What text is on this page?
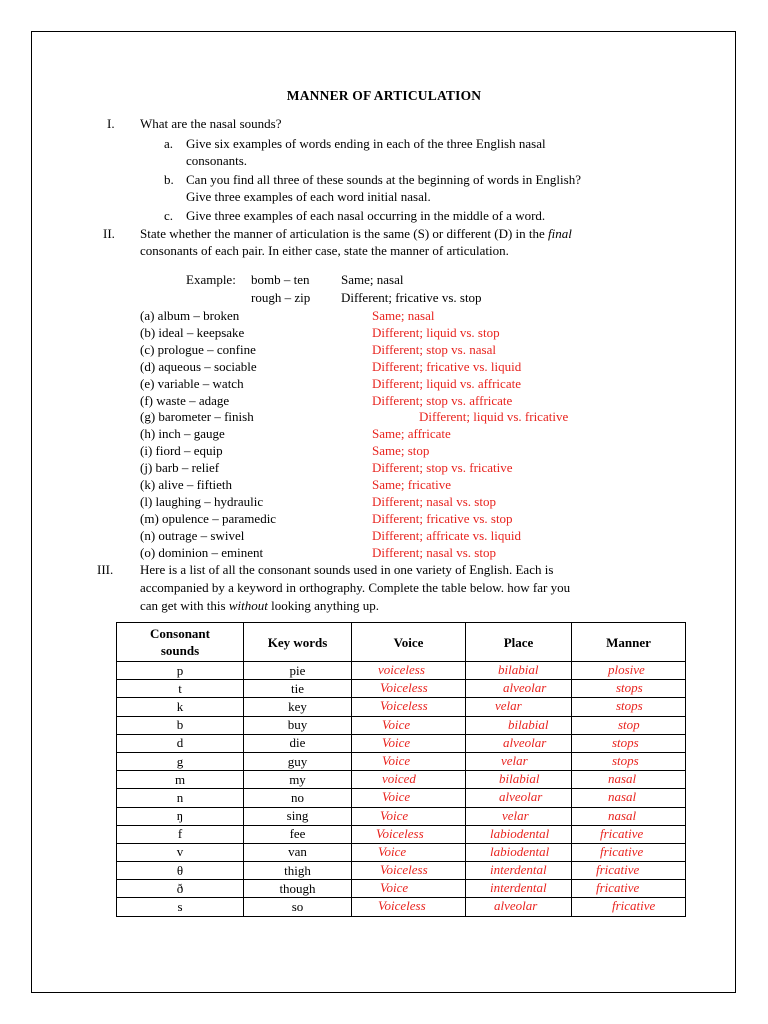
MANNER OF ARTICULATION
I. What are the nasal sounds?
a. Give six examples of words ending in each of the three English nasal
consonants.
b. Can you find all three of these sounds at the beginning of words in English?
Give three examples of each word initial nasal.
c. Give three examples of each nasal occurring in the middle of a word.
II. State whether the manner of articulation is the same (S) or different (D) in the final
consonants of each pair. In either case, state the manner of articulation.
Example: bomb – ten Same; nasal
rough – zip Different; fricative vs. stop
(a) album – broken	Same; nasal
(b) ideal – keepsake	Different; liquid vs. stop
(c) prologue – confine	Different; stop vs. nasal
(d) aqueous – sociable	Different; fricative vs. liquid
(e) variable – watch	Different; liquid vs. affricate
(f) waste – adage	Different; stop vs. affricate
(g) barometer – finish	Different; liquid vs. fricative
(h) inch – gauge	Same; affricate
(i) fiord – equip	Same; stop
(j) barb – relief	Different; stop vs. fricative
(k) alive – fiftieth	Same; fricative
(l) laughing – hydraulic	Different; nasal vs. stop
(m) opulence – paramedic	Different; fricative vs. stop
(n) outrage – swivel	Different; affricate vs. liquid
(o) dominion – eminent	Different; nasal vs. stop
III. Here is a list of all the consonant sounds used in one variety of English. Each is
accompanied by a keyword in orthography. Complete the table below. how far you
can get with this without looking anything up.
Consonant sounds	Key words	Voice	Place	Manner
p	pie	voiceless	bilabial	plosive

t	tie	Voiceless	alveolar	stops

k	key	Voiceless	velar	stops

b	buy	Voice	bilabial	stop

d	die	Voice	alveolar	stops

g	guy	Voice	velar	stops

m	my	voiced	bilabial	nasal

n	no	Voice	alveolar	nasal

ŋ	sing	Voice	velar	nasal

f	fee	Voiceless	labiodental	fricative

v	van	Voice	labiodental	fricative

θ	thigh	Voiceless	interdental	fricative

ð	though	Voice	interdental	fricative

s	so	Voiceless	alveolar	fricative
